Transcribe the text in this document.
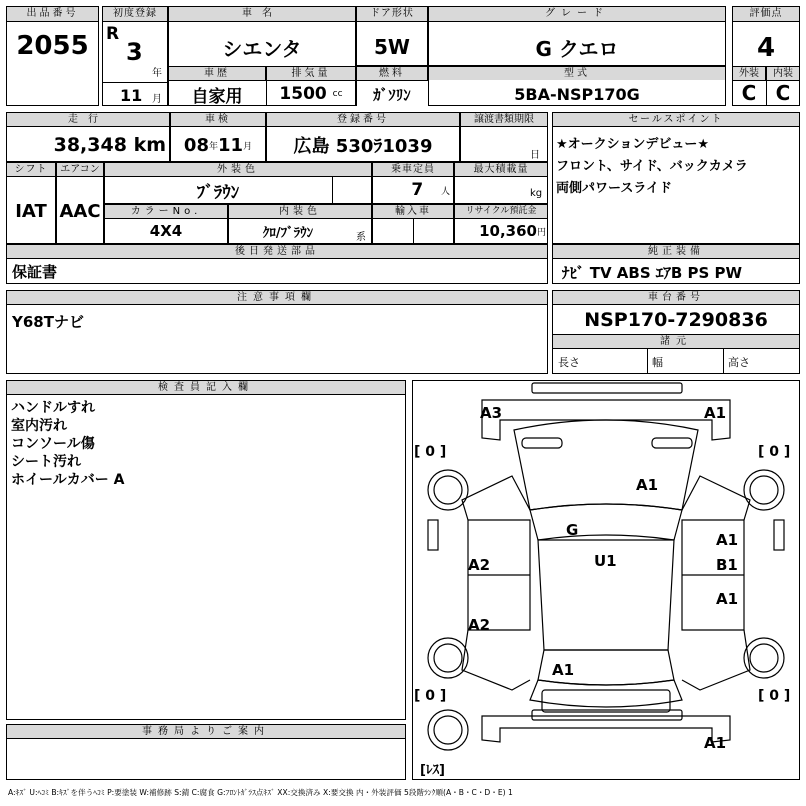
出品番号
2055
初度登録
R
3
年
11 月
車名
シエンタ
ドア形状
5W
グレード
G クエロ
評価点
4
外装	内装
C C
車歴	排気量	燃料	型式
自家用	1500
cc	ｶﾞｿﾘﾝ	5BA-NSP170G
走行
38,348
km
車検
08 年 11 月
登録番号
広島 530ﾗ1039
譲渡書類期限
日
シフト
IAT
エアコン
AAC
外装色
ﾌﾞﾗｳﾝ
乗車定員
7
人
最大積載量
kg
カラーNo.
4X4
内装色
ｸﾛ/ﾌﾞﾗｳﾝ	系
輸入車	リサイクル預託金
10,360 円
後日発送部品
保証書
セールスポイント
★オークションデビュー★
フロント、サイド、バックカメラ
両側パワースライド
純正装備
ﾅﾋﾞ TV ABS ｴｱB PS PW
注意事項欄
Y68Tナビ
車台番号
NSP170-7290836
諸元
長さ	幅	高さ
検査員記入欄
ハンドルすれ
室内汚れ
コンソール傷
シート汚れ
ホイールカバー A
事務局よりご案内
A3	A1
A1
G
U1
A1
B1
A2
A1
A2
A1
A1
[ 0 ]	[ 0 ]
[ 0 ]	[ 0 ]
[ﾚｽ]
A:ｷｽﾞ U:ﾍｺﾐ B:ｷｽﾞを伴うﾍｺﾐ P:要塗装 W:補修跡 S:錆 C:腐食 G:ﾌﾛﾝﾄｶﾞﾗｽ点ｷｽﾞ XX:交換済み X:要交換 内・外装評価 5段階ﾗﾝｸ順(A・B・C・D・E) 1
